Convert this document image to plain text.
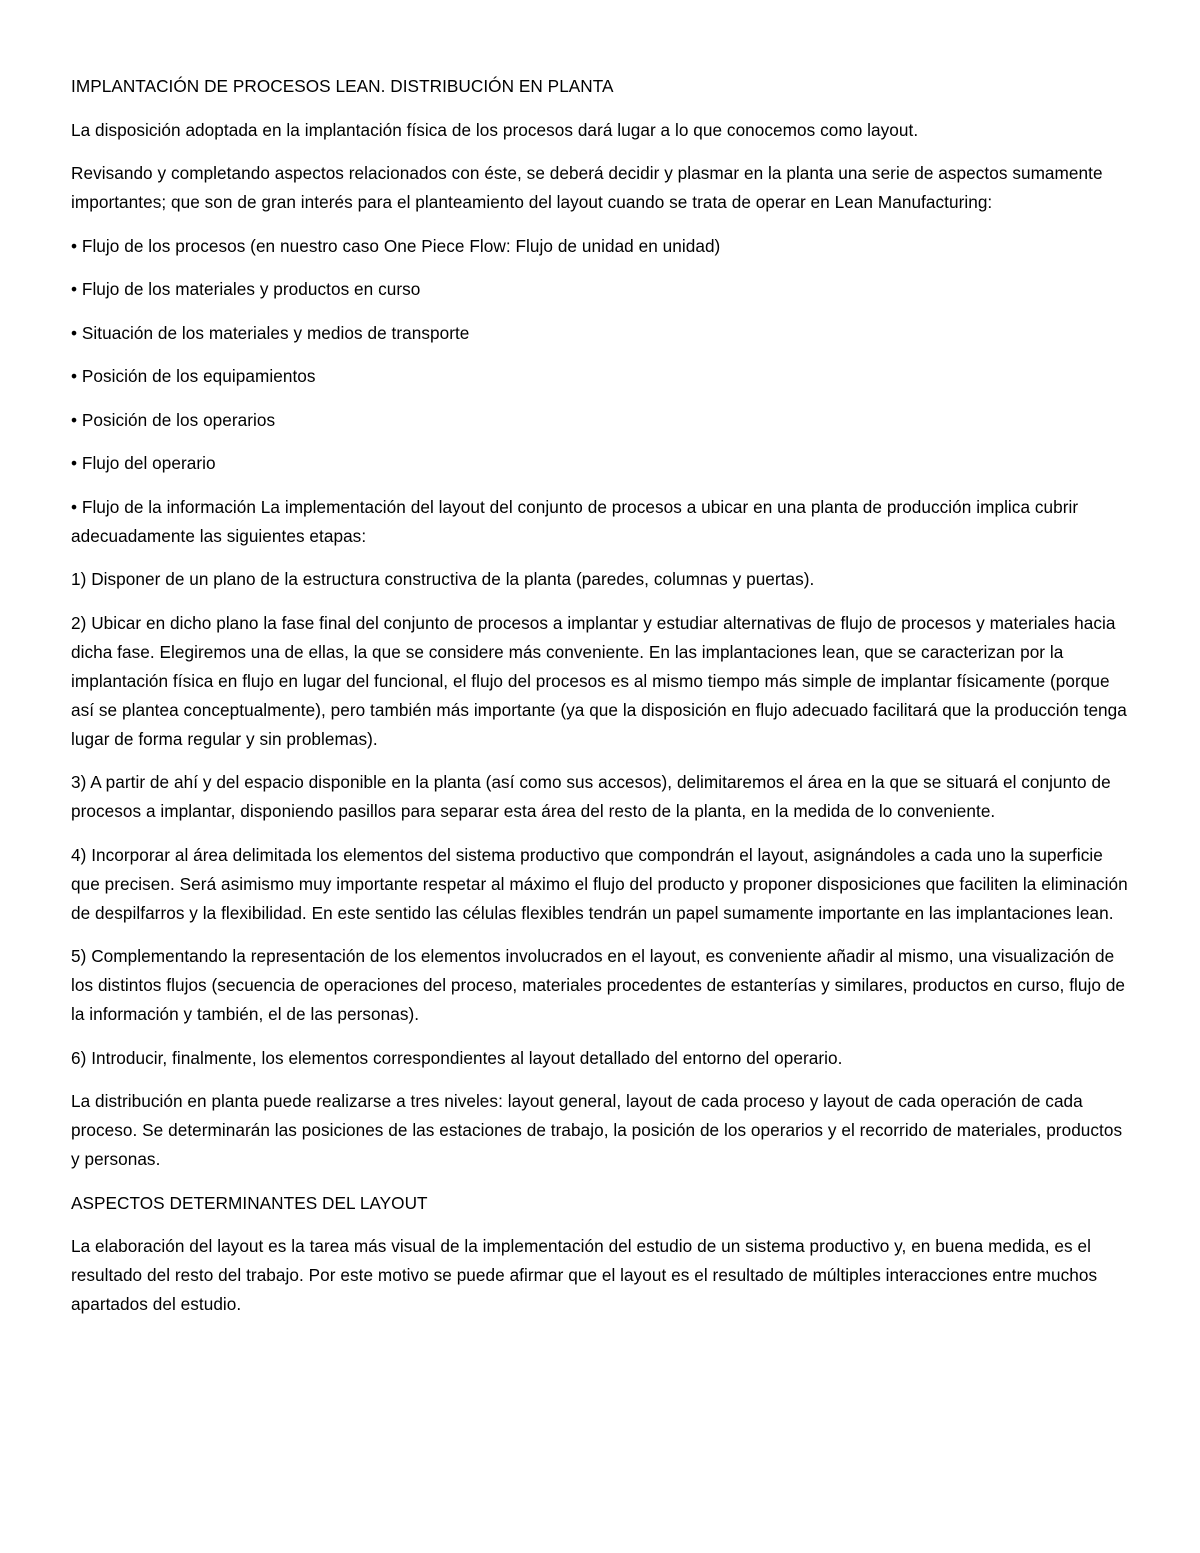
IMPLANTACIÓN DE PROCESOS LEAN. DISTRIBUCIÓN EN PLANTA

La disposición adoptada en la implantación física de los procesos dará lugar a lo que conocemos como layout.

Revisando y completando aspectos relacionados con éste, se deberá decidir y plasmar en la planta una serie de aspectos sumamente importantes; que son de gran interés para el planteamiento del layout cuando se trata de operar en Lean Manufacturing:

• Flujo de los procesos (en nuestro caso One Piece Flow: Flujo de unidad en unidad)

• Flujo de los materiales y productos en curso

• Situación de los materiales y medios de transporte

• Posición de los equipamientos

• Posición de los operarios

• Flujo del operario

• Flujo de la información La implementación del layout del conjunto de procesos a ubicar en una planta de producción implica cubrir adecuadamente las siguientes etapas:

1) Disponer de un plano de la estructura constructiva de la planta (paredes, columnas y puertas).

2) Ubicar en dicho plano la fase final del conjunto de procesos a implantar y estudiar alternativas de flujo de procesos y materiales hacia dicha fase. Elegiremos una de ellas, la que se considere más conveniente. En las implantaciones lean, que se caracterizan por la implantación física en flujo en lugar del funcional, el flujo del procesos es al mismo tiempo más simple de implantar físicamente (porque así se plantea conceptualmente), pero también más importante (ya que la disposición en flujo adecuado facilitará que la producción tenga lugar de forma regular y sin problemas).

3) A partir de ahí y del espacio disponible en la planta (así como sus accesos), delimitaremos el área en la que se situará el conjunto de procesos a implantar, disponiendo pasillos para separar esta área del resto de la planta, en la medida de lo conveniente.

4) Incorporar al área delimitada los elementos del sistema productivo que compondrán el layout, asignándoles a cada uno la superficie que precisen. Será asimismo muy importante respetar al máximo el flujo del producto y proponer disposiciones que faciliten la eliminación de despilfarros y la flexibilidad. En este sentido las células flexibles tendrán un papel sumamente importante en las implantaciones lean.

5) Complementando la representación de los elementos involucrados en el layout, es conveniente añadir al mismo, una visualización de los distintos flujos (secuencia de operaciones del proceso, materiales procedentes de estanterías y similares, productos en curso, flujo de la información y también, el de las personas).

6) Introducir, finalmente, los elementos correspondientes al layout detallado del entorno del operario.

La distribución en planta puede realizarse a tres niveles: layout general, layout de cada proceso y layout de cada operación de cada proceso. Se determinarán las posiciones de las estaciones de trabajo, la posición de los operarios y el recorrido de materiales, productos y personas.

ASPECTOS DETERMINANTES DEL LAYOUT

La elaboración del layout es la tarea más visual de la implementación del estudio de un sistema productivo y, en buena medida, es el resultado del resto del trabajo. Por este motivo se puede afirmar que el layout es el resultado de múltiples interacciones entre muchos apartados del estudio.
